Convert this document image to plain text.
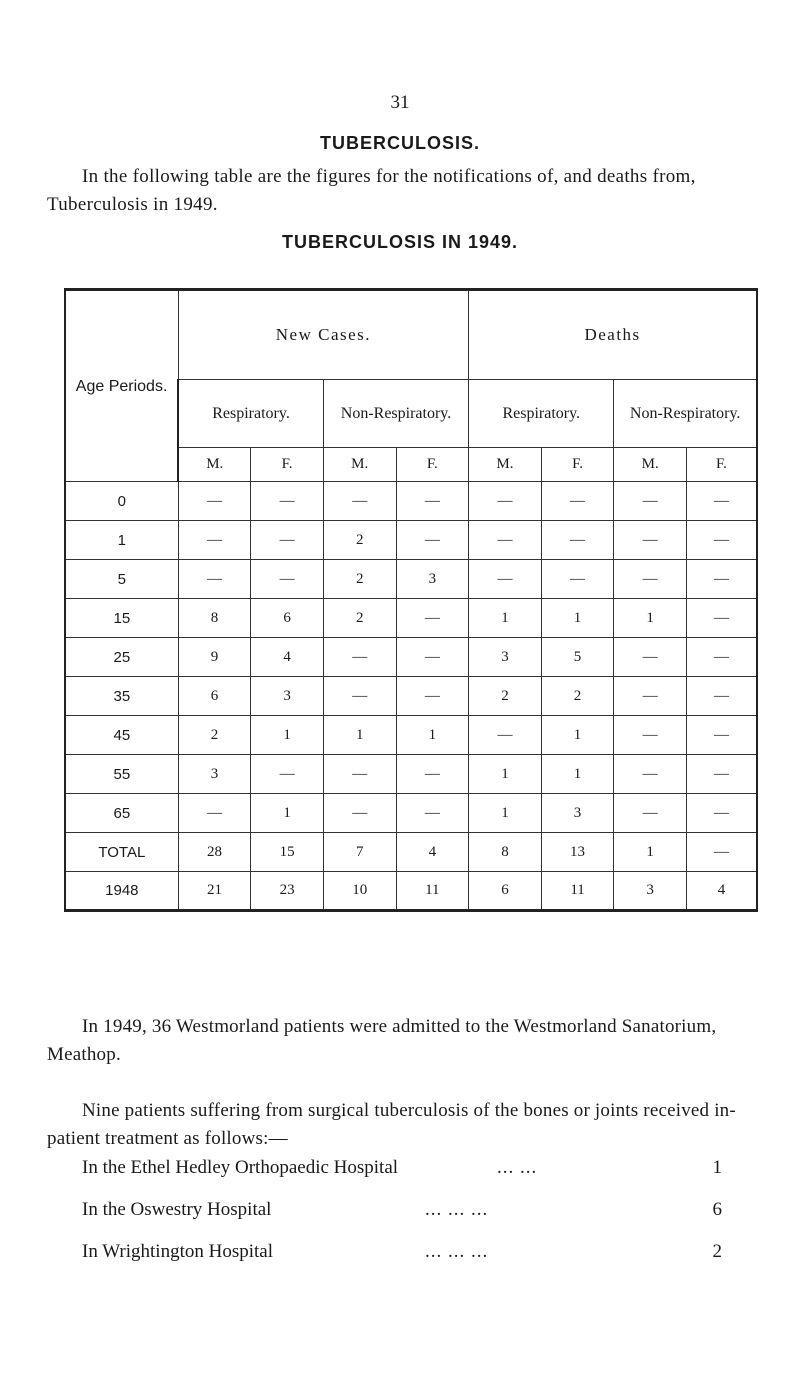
31
TUBERCULOSIS.
In the following table are the figures for the notifications of, and deaths from, Tuberculosis in 1949.
TUBERCULOSIS IN 1949.
Age Periods.	New Cases.				Deaths			
	Respiratory.		Non-Respiratory.		Respiratory.		Non-Respiratory.	
	M.	F.	M.	F.	M.	F.	M.	F.
0	—	—	—	—	—	—	—	—
1	—	—	2	—	—	—	—	—
5	—	—	2	3	—	—	—	—
15	8	6	2	—	1	1	1	—
25	9	4	—	—	3	5	—	—
35	6	3	—	—	2	2	—	—
45	2	1	1	1	—	1	—	—
55	3	—	—	—	1	1	—	—
65	—	1	—	—	1	3	—	—
TOTAL	28	15	7	4	8	13	1	—
1948	21	23	10	11	6	11	3	4
In 1949, 36 Westmorland patients were admitted to the Westmorland Sanatorium, Meathop.
Nine patients suffering from surgical tuberculosis of the bones or joints received in-patient treatment as follows:—
In the Ethel Hedley Orthopaedic Hospital	... ...	1
In the Oswestry Hospital	... ... ...	6
In Wrightington Hospital	... ... ...	2
